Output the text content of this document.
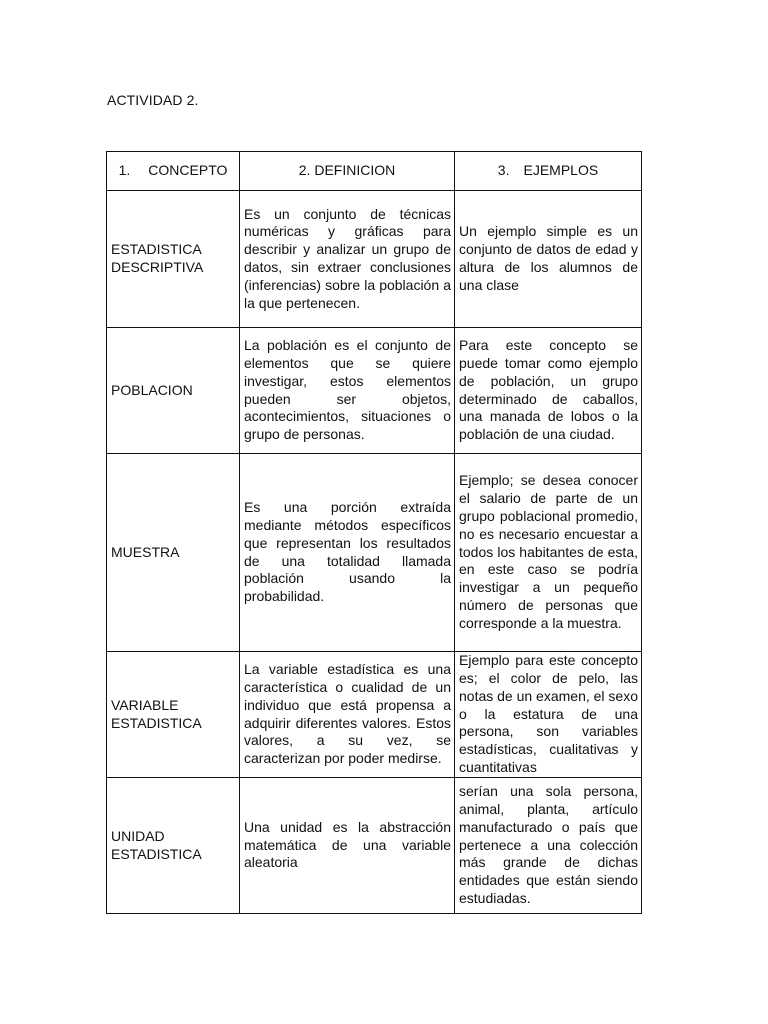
ACTIVIDAD 2.
1. CONCEPTO	2. DEFINICION	3. EJEMPLOS
ESTADISTICA DESCRIPTIVA	Es un conjunto de técnicas numéricas y gráficas para describir y analizar un grupo de datos, sin extraer conclusiones (inferencias) sobre la población a la que pertenecen.	Un ejemplo simple es un conjunto de datos de edad y altura de los alumnos de una clase
POBLACION	La población es el conjunto de elementos que se quiere investigar, estos elementos pueden ser objetos, acontecimientos, situaciones o grupo de personas.	Para este concepto se puede tomar como ejemplo de población, un grupo determinado de caballos, una manada de lobos o la población de una ciudad.
MUESTRA	Es una porción extraída mediante métodos específicos que representan los resultados de una totalidad llamada población usando la probabilidad.	Ejemplo; se desea conocer el salario de parte de un grupo poblacional promedio, no es necesario encuestar a todos los habitantes de esta, en este caso se podría investigar a un pequeño número de personas que corresponde a la muestra.
VARIABLE ESTADISTICA	La variable estadística es una característica o cualidad de un individuo que está propensa a adquirir diferentes valores. Estos valores, a su vez, se caracterizan por poder medirse.	Ejemplo para este concepto es; el color de pelo, las notas de un examen, el sexo o la estatura de una persona, son variables estadísticas, cualitativas y cuantitativas
UNIDAD ESTADISTICA	Una unidad es la abstracción matemática de una variable aleatoria	serían una sola persona, animal, planta, artículo manufacturado o país que pertenece a una colección más grande de dichas entidades que están siendo estudiadas.
